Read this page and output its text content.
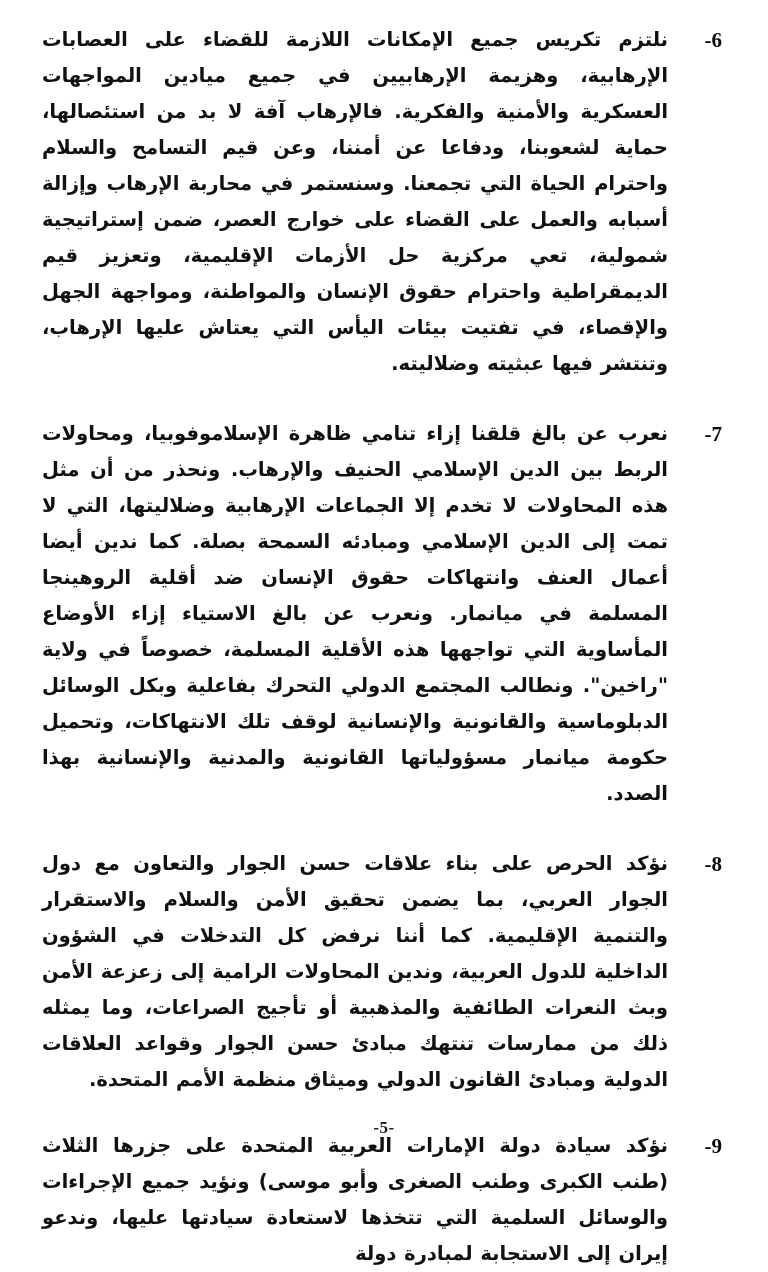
-6
نلتزم تكريس جميع الإمكانات اللازمة للقضاء على العصابات الإرهابية، وهزيمة الإرهابيين في جميع ميادين المواجهات العسكرية والأمنية والفكرية. فالإرهاب آفة لا بد من استئصالها، حماية لشعوبنا، ودفاعا عن أمننا، وعن قيم التسامح والسلام واحترام الحياة التي تجمعنا. وسنستمر في محاربة الإرهاب وإزالة أسبابه والعمل على القضاء على خوارج العصر، ضمن إستراتيجية شمولية، تعي مركزية حل الأزمات الإقليمية، وتعزيز قيم الديمقراطية واحترام حقوق الإنسان والمواطنة، ومواجهة الجهل والإقصاء، في تفتيت بيئات اليأس التي يعتاش عليها الإرهاب، وتنتشر فيها عبثيته وضلاليته.
-7
نعرب عن بالغ قلقنا إزاء تنامي ظاهرة الإسلاموفوبيا، ومحاولات الربط بين الدين الإسلامي الحنيف والإرهاب. ونحذر من أن مثل هذه المحاولات لا تخدم إلا الجماعات الإرهابية وضلاليتها، التي لا تمت إلى الدين الإسلامي ومبادئه السمحة بصلة. كما ندين أيضا أعمال العنف وانتهاكات حقوق الإنسان ضد أقلية الروهينجا المسلمة في ميانمار. ونعرب عن بالغ الاستياء إزاء الأوضاع المأساوية التي تواجهها هذه الأقلية المسلمة، خصوصاً في ولاية "راخين". ونطالب المجتمع الدولي التحرك بفاعلية وبكل الوسائل الدبلوماسية والقانونية والإنسانية لوقف تلك الانتهاكات، وتحميل حكومة ميانمار مسؤولياتها القانونية والمدنية والإنسانية بهذا الصدد.
-8
نؤكد الحرص على بناء علاقات حسن الجوار والتعاون مع دول الجوار العربي، بما يضمن تحقيق الأمن والسلام والاستقرار والتنمية الإقليمية. كما أننا نرفض كل التدخلات في الشؤون الداخلية للدول العربية، وندين المحاولات الرامية إلى زعزعة الأمن وبث النعرات الطائفية والمذهبية أو تأجيج الصراعات، وما يمثله ذلك من ممارسات تنتهك مبادئ حسن الجوار وقواعد العلاقات الدولية ومبادئ القانون الدولي وميثاق منظمة الأمم المتحدة.
-9
نؤكد سيادة دولة الإمارات العربية المتحدة على جزرها الثلاث (طنب الكبرى وطنب الصغرى وأبو موسى) ونؤيد جميع الإجراءات والوسائل السلمية التي تتخذها لاستعادة سيادتها عليها، وندعو إيران إلى الاستجابة لمبادرة دولة
-5-
